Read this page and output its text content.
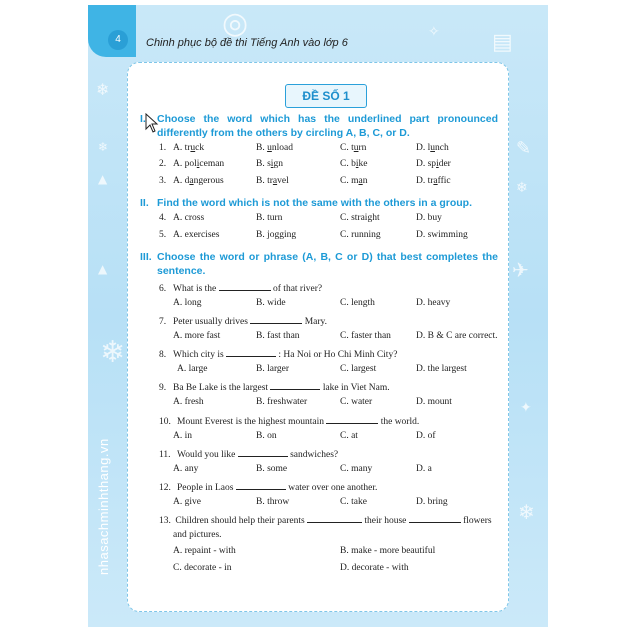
❄
❄
▲
❄
▲
❄
❄
✎
✈
✦
◎
▤
✧
4	Chinh phục bộ đề thi Tiếng Anh vào lớp 6
nhasachminhthang.vn
ĐỀ SỐ 1
I.	Choose the word which has the underlined part pronounced differently from the others by circling A, B, C, or D.
1. A. truck	B. unload	C. turn	D. lunch
2. A. policeman	B. sign	C. bike	D. spider
3. A. dangerous	B. travel	C. man	D. traffic
II. Find the word which is not the same with the others in a group.
4. A. cross	B. turn	C. straight	D. buy
5. A. exercises	B. jogging	C. running	D. swimming
III. Choose the word or phrase (A, B, C or D) that best completes the sentence.
6. What is the	of that river?
A. long	B. wide	C. length	D. heavy
7. Peter usually drives	Mary.
A. more fast	B. fast than	C. faster than	D. B & C are correct.
8. Which city is	: Ha Noi or Ho Chi Minh City?
A. large	B. larger	C. largest	D. the largest
9. Ba Be Lake is the largest	lake in Viet Nam.
A. fresh	B. freshwater	C. water	D. mount
10. Mount Everest is the highest mountain	the world.
A. in	B. on	C. at	D. of
11. Would you like	sandwiches?
A. any	B. some	C. many	D. a
12. People in Laos	water over one another.
A. give	B. throw	C. take	D. bring
13. Children should help their parents	their house	flowers
and pictures.
A. repaint - with	B. make - more beautiful
C. decorate - in	D. decorate - with
